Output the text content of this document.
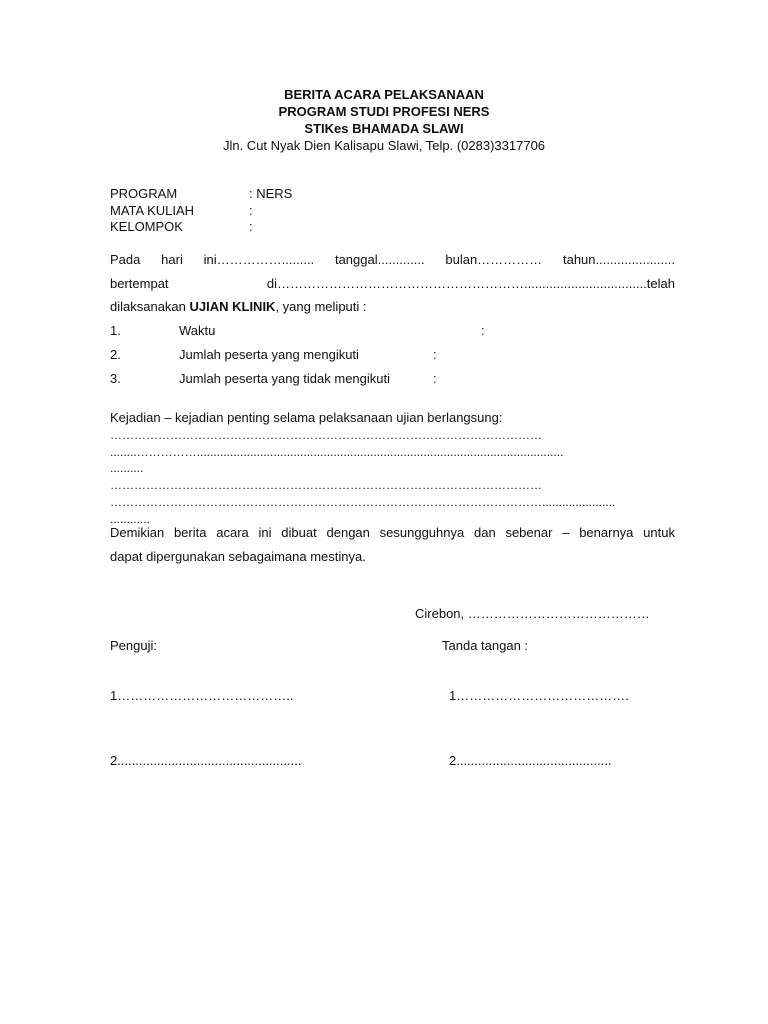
BERITA ACARA PELAKSANAAN
PROGRAM STUDI PROFESI NERS
STIKes BHAMADA SLAWI
Jln. Cut Nyak Dien Kalisapu Slawi, Telp. (0283)3317706
PROGRAM	: NERS
MATA KULIAH	:
KELOMPOK	:
Pada hari ini……………......... tanggal............. bulan…………… tahun......................
bertempat	di…………………………………………………..................................telah
dilaksanakan UJIAN KLINIK, yang meliputi :
1.	Waktu	:
2.	Jumlah peserta yang mengikuti	:
3.	Jumlah peserta yang tidak mengikuti	:
Kejadian – kejadian penting selama pelaksanaan ujian berlangsung:
………………………………………………………………………………………………
........……………..............................................................................................................
..........
………………………………………………………………………………………………
………………………………………………………………………………………………......................
............
Demikian berita acara ini dibuat dengan sesungguhnya dan sebenar – benarnya untuk
dapat dipergunakan sebagaimana mestinya.
Cirebon, ……………………………………
Penguji:	Tanda tangan :
1…………………………………..	1………………………………….
2...................................................	2...........................................
